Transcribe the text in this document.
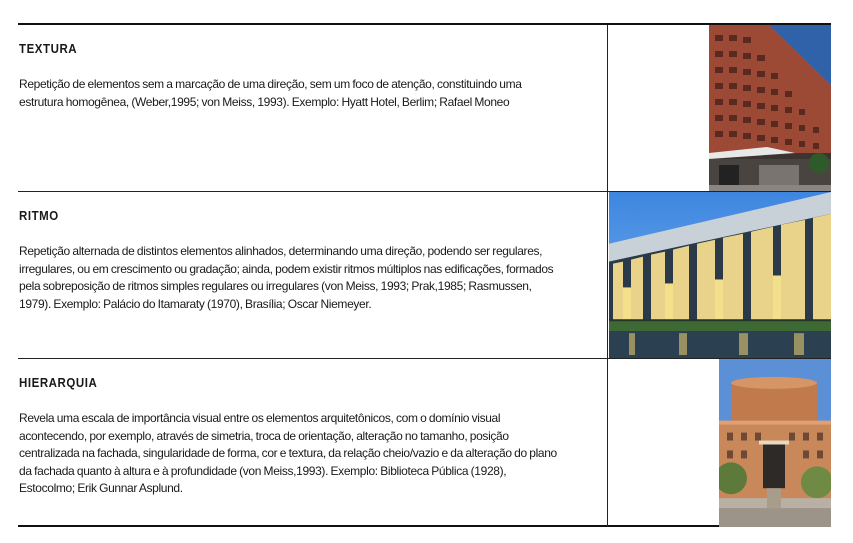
TEXTURA

Repetição de elementos sem a marcação de uma direção, sem um foco de atenção, constituindo uma estrutura homogênea, (Weber,1995; von Meiss, 1993). Exemplo: Hyatt Hotel, Berlim; Rafael Moneo

RITMO

Repetição alternada de distintos elementos alinhados, determinando uma direção, podendo ser regulares, irregulares, ou em crescimento ou gradação; ainda, podem existir ritmos múltiplos nas edificações, formados pela sobreposição de ritmos simples regulares ou irregulares (von Meiss, 1993; Prak,1985; Rasmussen, 1979). Exemplo: Palácio do Itamaraty (1970), Brasília; Oscar Niemeyer.

HIERARQUIA

Revela uma escala de importância visual entre os elementos arquitetônicos, com o domínio visual acontecendo, por exemplo, através de simetria, troca de orientação, alteração no tamanho, posição centralizada na fachada, singularidade de forma, cor e textura, da relação cheio/vazio e da alteração do plano da fachada quanto à altura e à profundidade (von Meiss,1993). Exemplo: Biblioteca Pública (1928), Estocolmo; Erik Gunnar Asplund.
